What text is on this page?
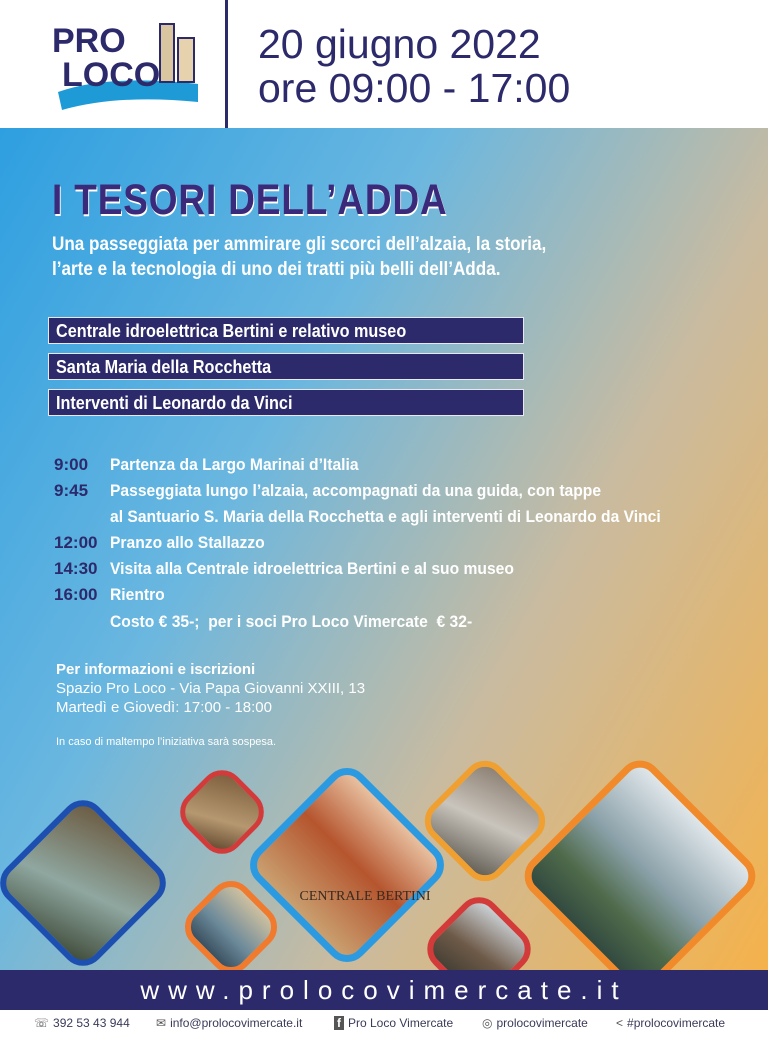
PRO
LOCO
Vimercate
20 giugno 2022
ore 09:00 - 17:00
I TESORI DELL’ADDA
Una passeggiata per ammirare gli scorci dell’alzaia, la storia,
l’arte e la tecnologia di uno dei tratti più belli dell’Adda.
Centrale idroelettrica Bertini e relativo museo
Santa Maria della Rocchetta
Interventi di Leonardo da Vinci
9:00 Partenza da Largo Marinai d’Italia
9:45 Passeggiata lungo l’alzaia, accompagnati da una guida, con tappe
al Santuario S. Maria della Rocchetta e agli interventi di Leonardo da Vinci
12:00 Pranzo allo Stallazzo
14:30 Visita alla Centrale idroelettrica Bertini e al suo museo
16:00 Rientro
Costo € 35-;  per i soci Pro Loco Vimercate  € 32-
Per informazioni e iscrizioni
Spazio Pro Loco - Via Papa Giovanni XXIII, 13
Martedì e Giovedì: 17:00 - 18:00
In caso di maltempo l’iniziativa sarà sospesa.
CENTRALE BERTINI
www.prolocovimercate.it
☏ 392 53 43 944 ✉ info@prolocovimercate.it	f Pro Loco Vimercate ◎ prolocovimercate < #prolocovimercate
